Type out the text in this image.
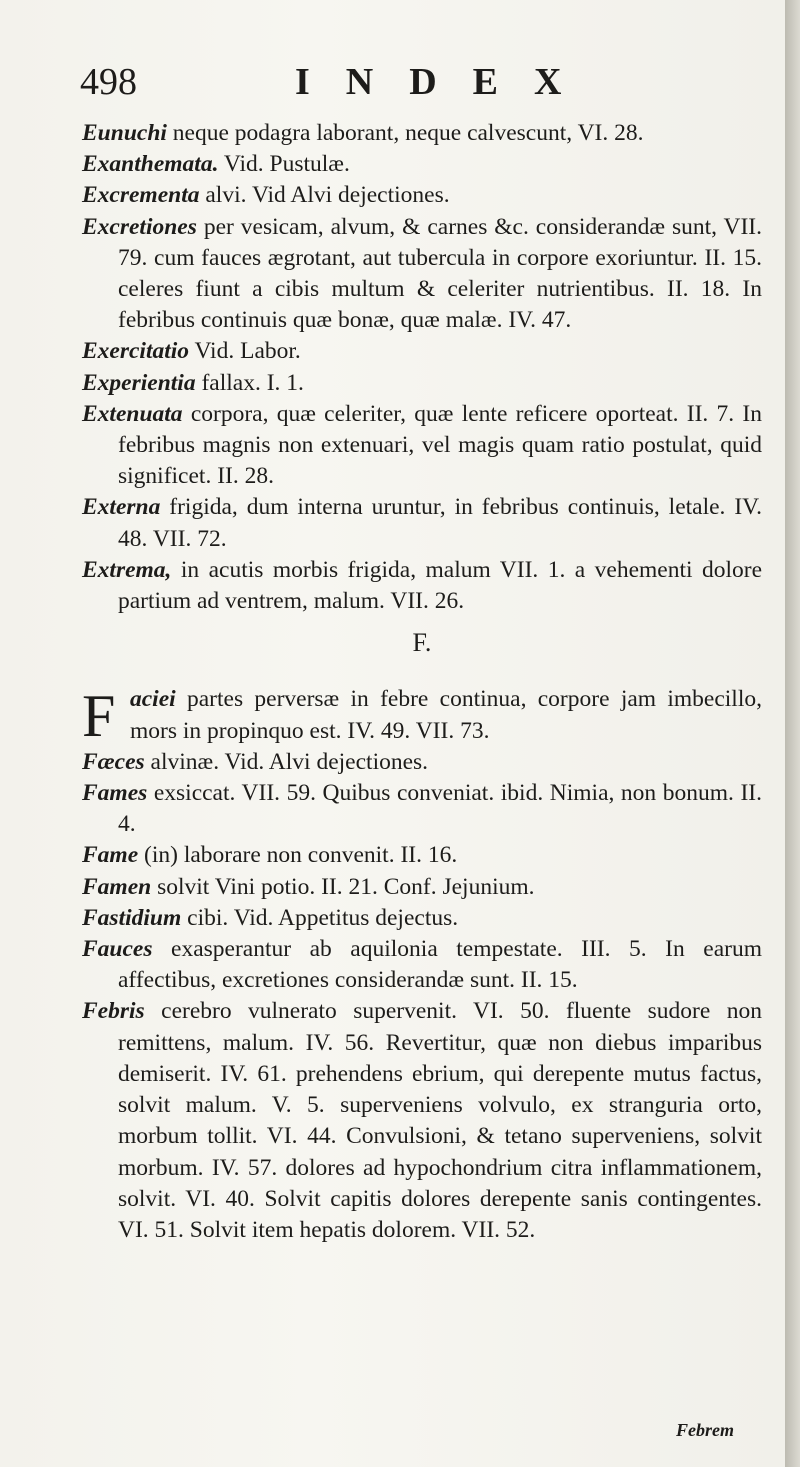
498	INDEX
Eunuchi neque podagra laborant, neque calvescunt, VI. 28.
Exanthemata. Vid. Pustulæ.
Excrementa alvi. Vid Alvi dejectiones.
Excretiones per vesicam, alvum, & carnes &c. considerandæ sunt, VII. 79. cum fauces ægrotant, aut tubercula in corpore exoriuntur. II. 15. celeres fiunt a cibis multum & celeriter nutrientibus. II. 18. In febribus continuis quæ bonæ, quæ malæ. IV. 47.
Exercitatio Vid. Labor.
Experientia fallax. I. 1.
Extenuata corpora, quæ celeriter, quæ lente reficere oporteat. II. 7. In febribus magnis non extenuari, vel magis quam ratio postulat, quid significet. II. 28.
Externa frigida, dum interna uruntur, in febribus continuis, letale. IV. 48. VII. 72.
Extrema, in acutis morbis frigida, malum VII. 1. a vehementi dolore partium ad ventrem, malum. VII. 26.
F.
F aciei partes perversæ in febre continua, corpore jam imbecillo, mors in propinquo est. IV. 49. VII. 73.
Fæces alvinæ. Vid. Alvi dejectiones.
Fames exsiccat. VII. 59. Quibus conveniat. ibid. Nimia, non bonum. II. 4.
Fame (in) laborare non convenit. II. 16.
Famen solvit Vini potio. II. 21. Conf. Jejunium.
Fastidium cibi. Vid. Appetitus dejectus.
Fauces exasperantur ab aquilonia tempestate. III. 5. In earum affectibus, excretiones considerandæ sunt. II. 15.
Febris cerebro vulnerato supervenit. VI. 50. fluente sudore non remittens, malum. IV. 56. Revertitur, quæ non diebus imparibus demiserit. IV. 61. prehendens ebrium, qui derepente mutus factus, solvit malum. V. 5. superveniens volvulo, ex stranguria orto, morbum tollit. VI. 44. Convulsioni, & tetano superveniens, solvit morbum. IV. 57. dolores ad hypochondrium citra inflammationem, solvit. VI. 40. Solvit capitis dolores derepente sanis contingentes. VI. 51. Solvit item hepatis dolorem. VII. 52.
Febrem
